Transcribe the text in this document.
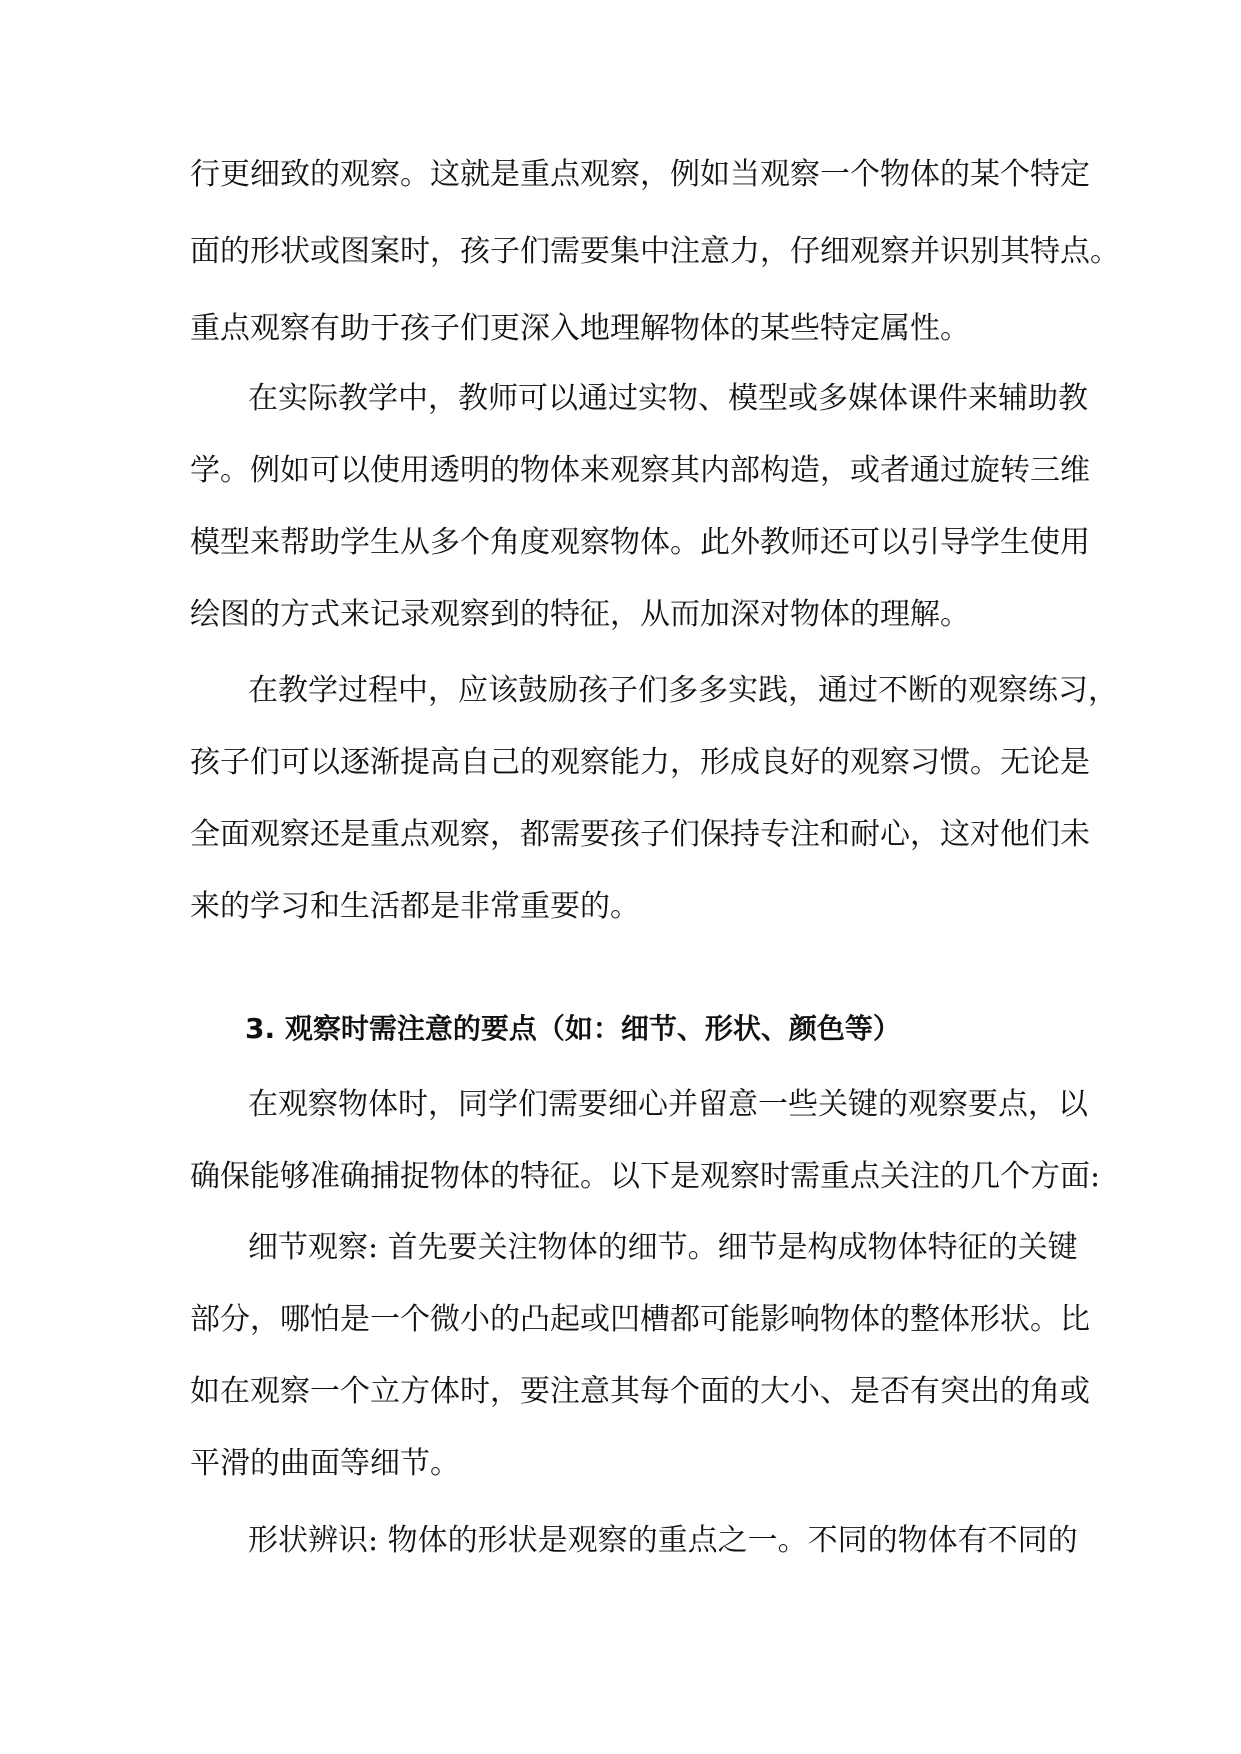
行更细致的观察。这就是重点观察，例如当观察一个物体的某个特定
面的形状或图案时，孩子们需要集中注意力，仔细观察并识别其特点。
重点观察有助于孩子们更深入地理解物体的某些特定属性。
在实际教学中，教师可以通过实物、模型或多媒体课件来辅助教
学。例如可以使用透明的物体来观察其内部构造，或者通过旋转三维
模型来帮助学生从多个角度观察物体。此外教师还可以引导学生使用
绘图的方式来记录观察到的特征，从而加深对物体的理解。
在教学过程中，应该鼓励孩子们多多实践，通过不断的观察练习，
孩子们可以逐渐提高自己的观察能力，形成良好的观察习惯。无论是
全面观察还是重点观察，都需要孩子们保持专注和耐心，这对他们未
来的学习和生活都是非常重要的。
3. 观察时需注意的要点（如：细节、形状、颜色等）
在观察物体时，同学们需要细心并留意一些关键的观察要点，以
确保能够准确捕捉物体的特征。以下是观察时需重点关注的几个方面:
细节观察: 首先要关注物体的细节。细节是构成物体特征的关键
部分，哪怕是一个微小的凸起或凹槽都可能影响物体的整体形状。比
如在观察一个立方体时，要注意其每个面的大小、是否有突出的角或
平滑的曲面等细节。
形状辨识: 物体的形状是观察的重点之一。不同的物体有不同的
